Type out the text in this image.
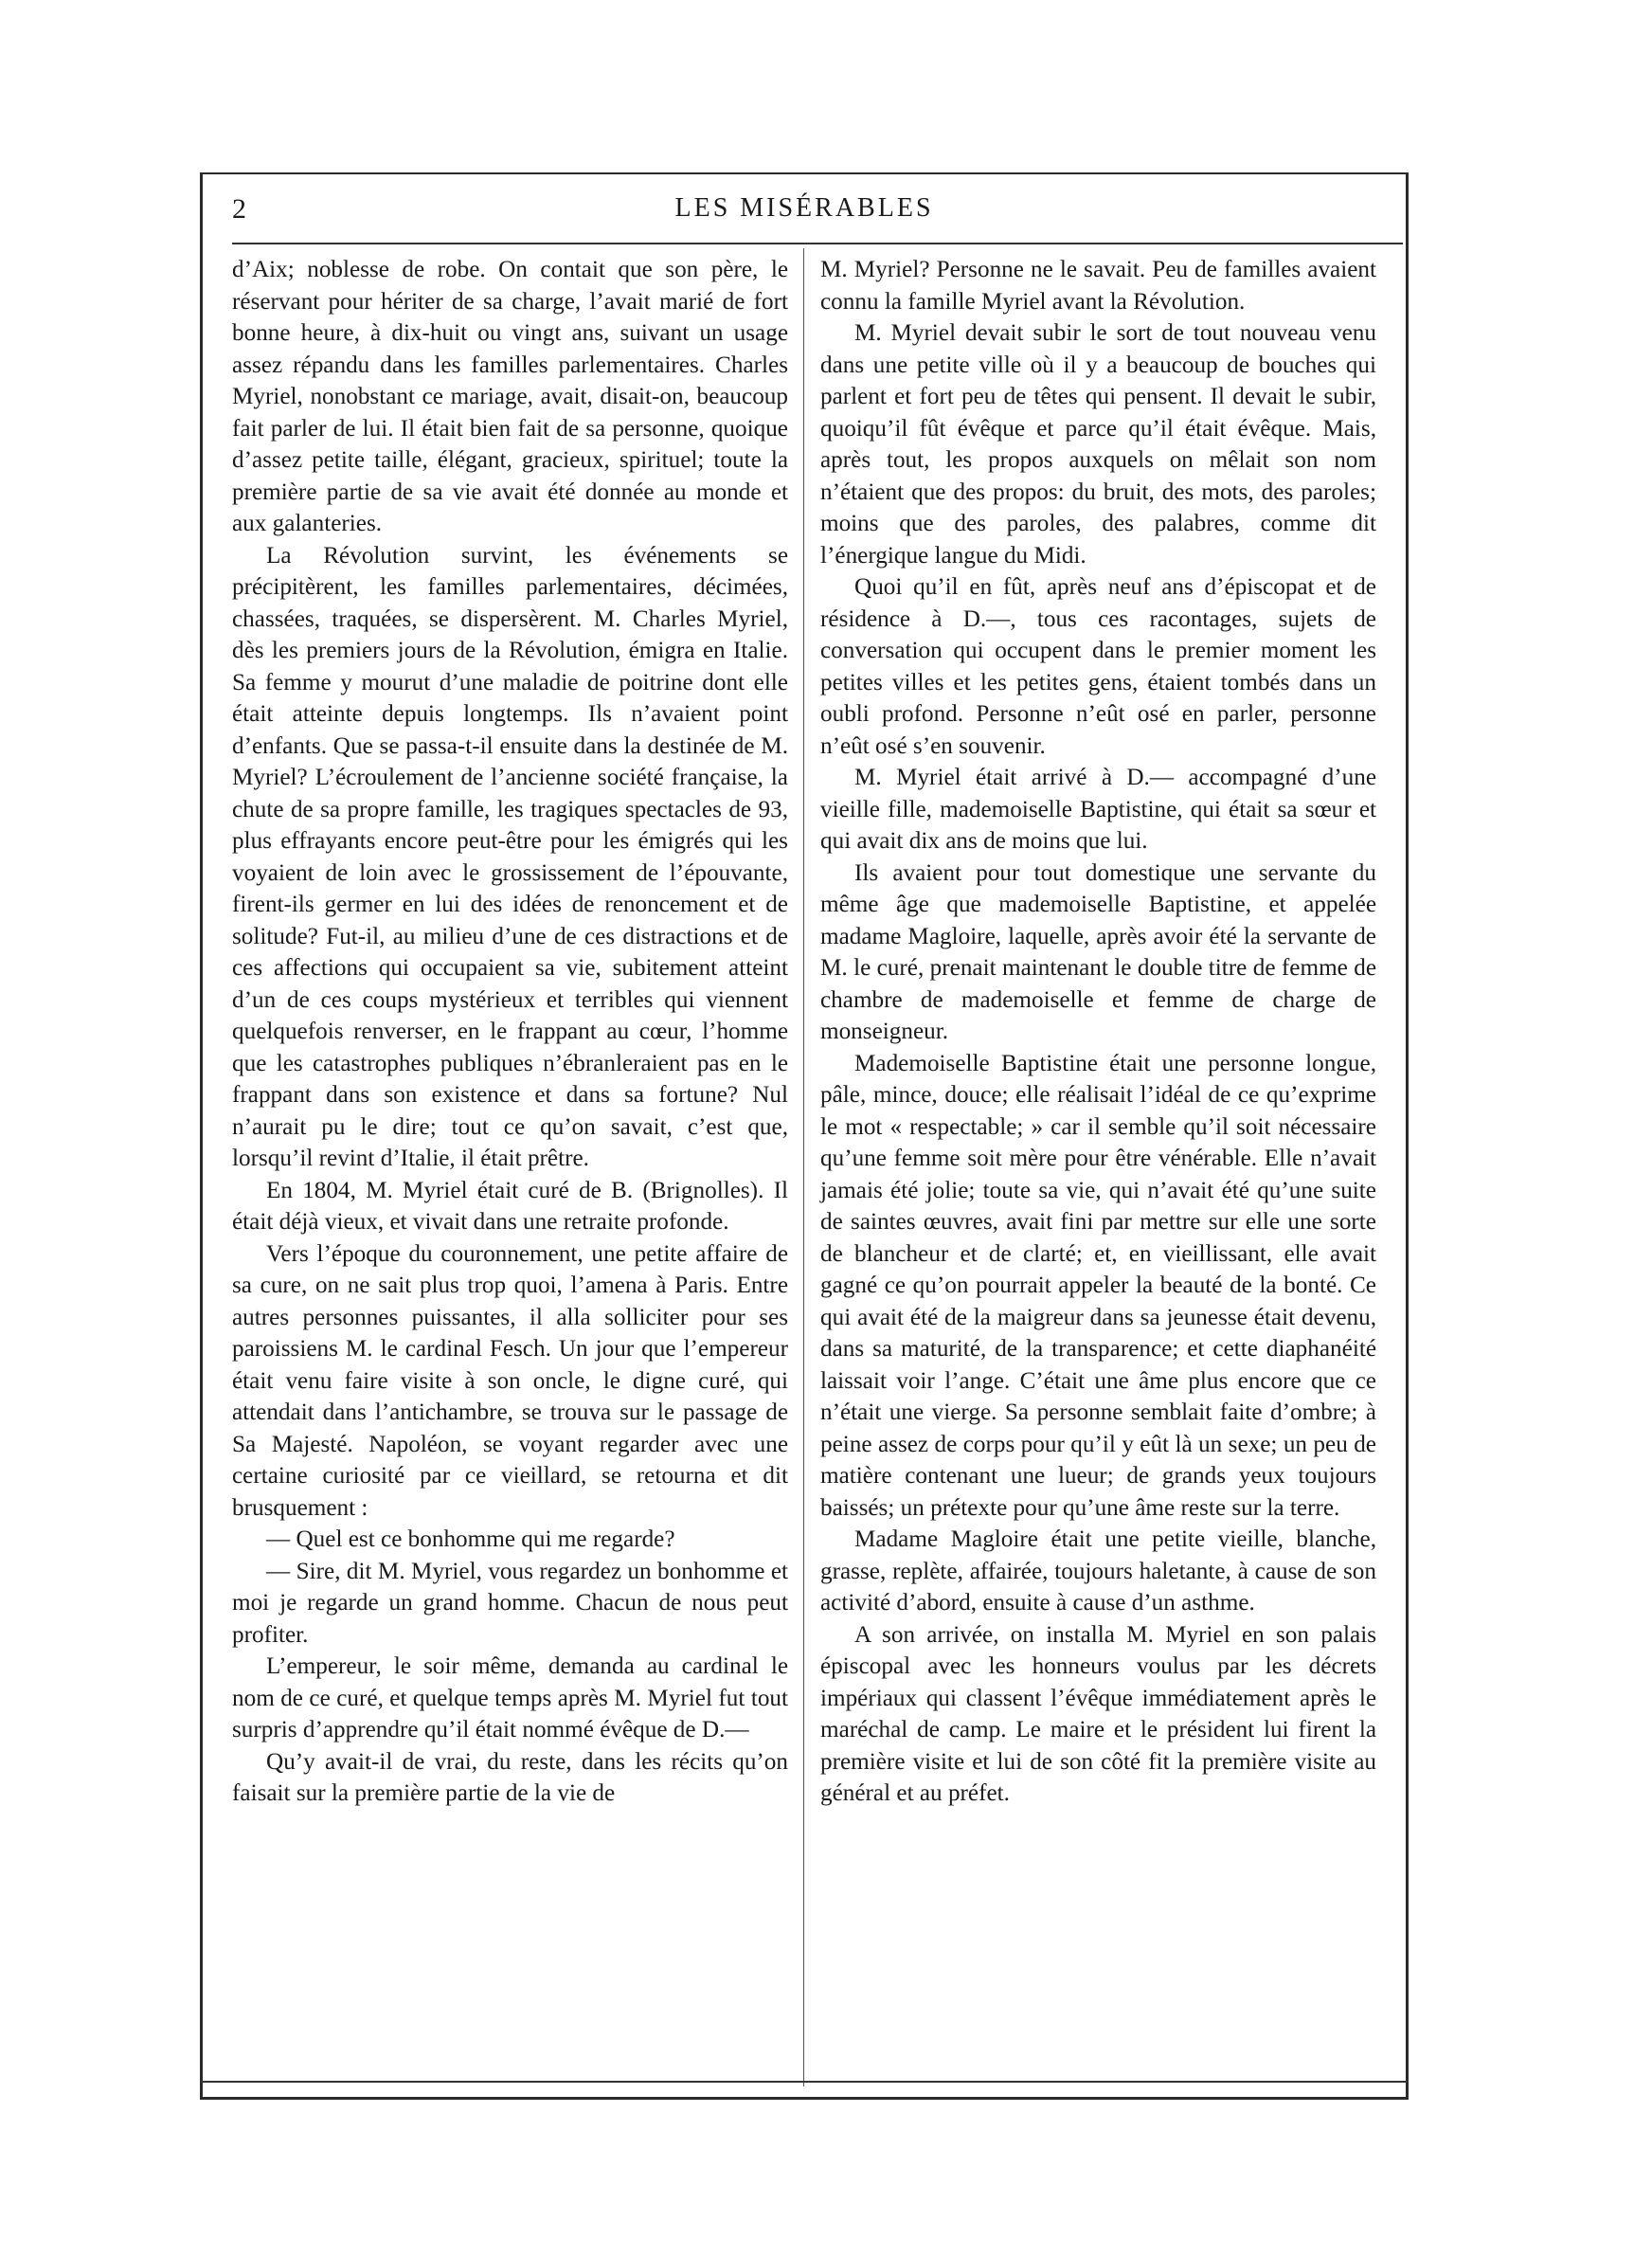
2	LES MISÉRABLES

d’Aix; noblesse de robe. On contait que son père, le réservant pour hériter de sa charge, l’avait marié de fort bonne heure, à dix-huit ou vingt ans, suivant un usage assez répandu dans les familles parlementaires. Charles Myriel, nonobstant ce mariage, avait, disait-on, beaucoup fait parler de lui. Il était bien fait de sa personne, quoique d’assez petite taille, élégant, gracieux, spirituel; toute la première partie de sa vie avait été donnée au monde et aux galanteries.

La Révolution survint, les événements se précipitèrent, les familles parlementaires, décimées, chassées, traquées, se dispersèrent. M. Charles Myriel, dès les premiers jours de la Révolution, émigra en Italie. Sa femme y mourut d’une maladie de poitrine dont elle était atteinte depuis longtemps. Ils n’avaient point d’enfants. Que se passa-t-il ensuite dans la destinée de M. Myriel? L’écroulement de l’ancienne société française, la chute de sa propre famille, les tragiques spectacles de 93, plus effrayants encore peut-être pour les émigrés qui les voyaient de loin avec le grossissement de l’épouvante, firent-ils germer en lui des idées de renoncement et de solitude? Fut-il, au milieu d’une de ces distractions et de ces affections qui occupaient sa vie, subitement atteint d’un de ces coups mystérieux et terribles qui viennent quelquefois renverser, en le frappant au cœur, l’homme que les catastrophes publiques n’ébranleraient pas en le frappant dans son existence et dans sa fortune? Nul n’aurait pu le dire; tout ce qu’on savait, c’est que, lorsqu’il revint d’Italie, il était prêtre.

En 1804, M. Myriel était curé de B. (Brignolles). Il était déjà vieux, et vivait dans une retraite profonde.

Vers l’époque du couronnement, une petite affaire de sa cure, on ne sait plus trop quoi, l’amena à Paris. Entre autres personnes puissantes, il alla solliciter pour ses paroissiens M. le cardinal Fesch. Un jour que l’empereur était venu faire visite à son oncle, le digne curé, qui attendait dans l’antichambre, se trouva sur le passage de Sa Majesté. Napoléon, se voyant regarder avec une certaine curiosité par ce vieillard, se retourna et dit brusquement :

— Quel est ce bonhomme qui me regarde?

— Sire, dit M. Myriel, vous regardez un bonhomme et moi je regarde un grand homme. Chacun de nous peut profiter.

L’empereur, le soir même, demanda au cardinal le nom de ce curé, et quelque temps après M. Myriel fut tout surpris d’apprendre qu’il était nommé évêque de D.—

Qu’y avait-il de vrai, du reste, dans les récits qu’on faisait sur la première partie de la vie de

M. Myriel? Personne ne le savait. Peu de familles avaient connu la famille Myriel avant la Révolution.

M. Myriel devait subir le sort de tout nouveau venu dans une petite ville où il y a beaucoup de bouches qui parlent et fort peu de têtes qui pensent. Il devait le subir, quoiqu’il fût évêque et parce qu’il était évêque. Mais, après tout, les propos auxquels on mêlait son nom n’étaient que des propos: du bruit, des mots, des paroles; moins que des paroles, des palabres, comme dit l’énergique langue du Midi.

Quoi qu’il en fût, après neuf ans d’épiscopat et de résidence à D.—, tous ces racontages, sujets de conversation qui occupent dans le premier moment les petites villes et les petites gens, étaient tombés dans un oubli profond. Personne n’eût osé en parler, personne n’eût osé s’en souvenir.

M. Myriel était arrivé à D.— accompagné d’une vieille fille, mademoiselle Baptistine, qui était sa sœur et qui avait dix ans de moins que lui.

Ils avaient pour tout domestique une servante du même âge que mademoiselle Baptistine, et appelée madame Magloire, laquelle, après avoir été la servante de M. le curé, prenait maintenant le double titre de femme de chambre de mademoiselle et femme de charge de monseigneur.

Mademoiselle Baptistine était une personne longue, pâle, mince, douce; elle réalisait l’idéal de ce qu’exprime le mot « respectable; » car il semble qu’il soit nécessaire qu’une femme soit mère pour être vénérable. Elle n’avait jamais été jolie; toute sa vie, qui n’avait été qu’une suite de saintes œuvres, avait fini par mettre sur elle une sorte de blancheur et de clarté; et, en vieillissant, elle avait gagné ce qu’on pourrait appeler la beauté de la bonté. Ce qui avait été de la maigreur dans sa jeunesse était devenu, dans sa maturité, de la transparence; et cette diaphanéité laissait voir l’ange. C’était une âme plus encore que ce n’était une vierge. Sa personne semblait faite d’ombre; à peine assez de corps pour qu’il y eût là un sexe; un peu de matière contenant une lueur; de grands yeux toujours baissés; un prétexte pour qu’une âme reste sur la terre.

Madame Magloire était une petite vieille, blanche, grasse, replète, affairée, toujours haletante, à cause de son activité d’abord, ensuite à cause d’un asthme.

A son arrivée, on installa M. Myriel en son palais épiscopal avec les honneurs voulus par les décrets impériaux qui classent l’évêque immédiatement après le maréchal de camp. Le maire et le président lui firent la première visite et lui de son côté fit la première visite au général et au préfet.
